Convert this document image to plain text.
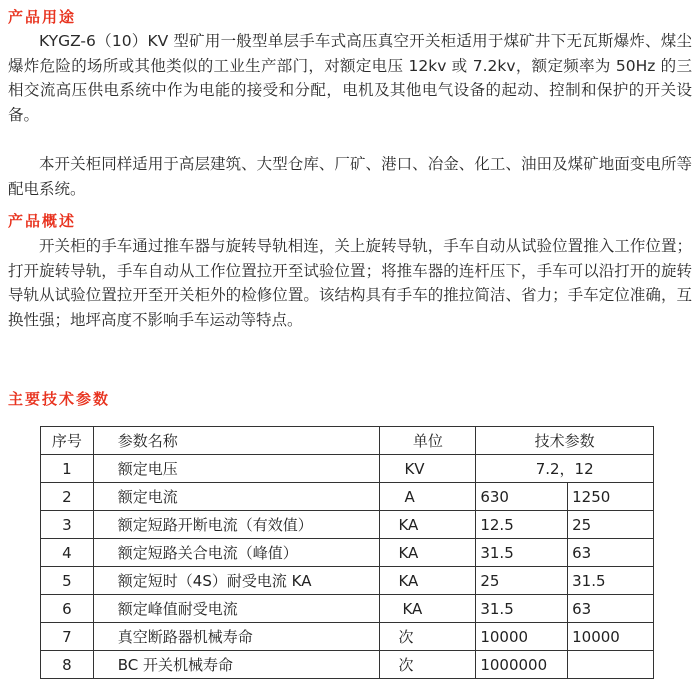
产品用途

KYGZ-6（10）KV 型矿用一般型单层手车式高压真空开关柜适用于煤矿井下无瓦斯爆炸、煤尘爆炸危险的场所或其他类似的工业生产部门，对额定电压 12kv 或 7.2kv，额定频率为 50Hz 的三相交流高压供电系统中作为电能的接受和分配，电机及其他电气设备的起动、控制和保护的开关设备。

本开关柜同样适用于高层建筑、大型仓库、厂矿、港口、冶金、化工、油田及煤矿地面变电所等配电系统。

产品概述

开关柜的手车通过推车器与旋转导轨相连，关上旋转导轨，手车自动从试验位置推入工作位置；打开旋转导轨，手车自动从工作位置拉开至试验位置；将推车器的连杆压下，手车可以沿打开的旋转导轨从试验位置拉开至开关柜外的检修位置。该结构具有手车的推拉简洁、省力；手车定位准确，互换性强；地坪高度不影响手车运动等特点。

主要技术参数
序号	参数名称	单位	技术参数	
1	额定电压	KV	7.2，12	
2	额定电流	A	630	1250
3	额定短路开断电流（有效值）	KA	12.5	25
4	额定短路关合电流（峰值）	KA	31.5	63
5	额定短时（4S）耐受电流 KA	KA	25	31.5
6	额定峰值耐受电流	KA	31.5	63
7	真空断路器机械寿命	次	10000	10000
8	BC 开关机械寿命	次	1000000	
